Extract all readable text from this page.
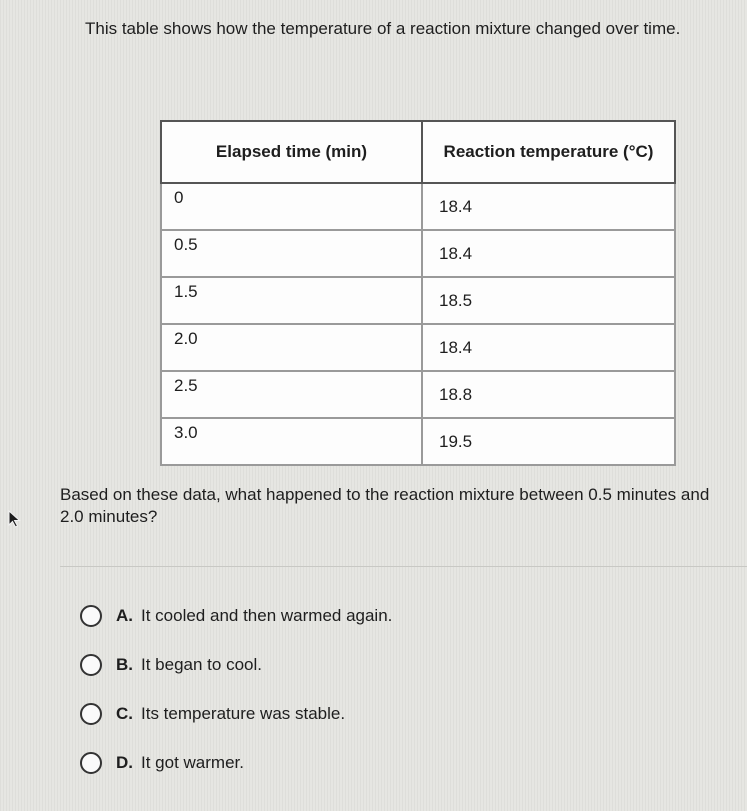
This table shows how the temperature of a reaction mixture changed over time.
Elapsed time (min)	Reaction temperature (°C)
0	18.4
0.5	18.4
1.5	18.5
2.0	18.4
2.5	18.8
3.0	19.5
Based on these data, what happened to the reaction mixture between 0.5 minutes and 2.0 minutes?
A. It cooled and then warmed again.
B. It began to cool.
C. Its temperature was stable.
D. It got warmer.
